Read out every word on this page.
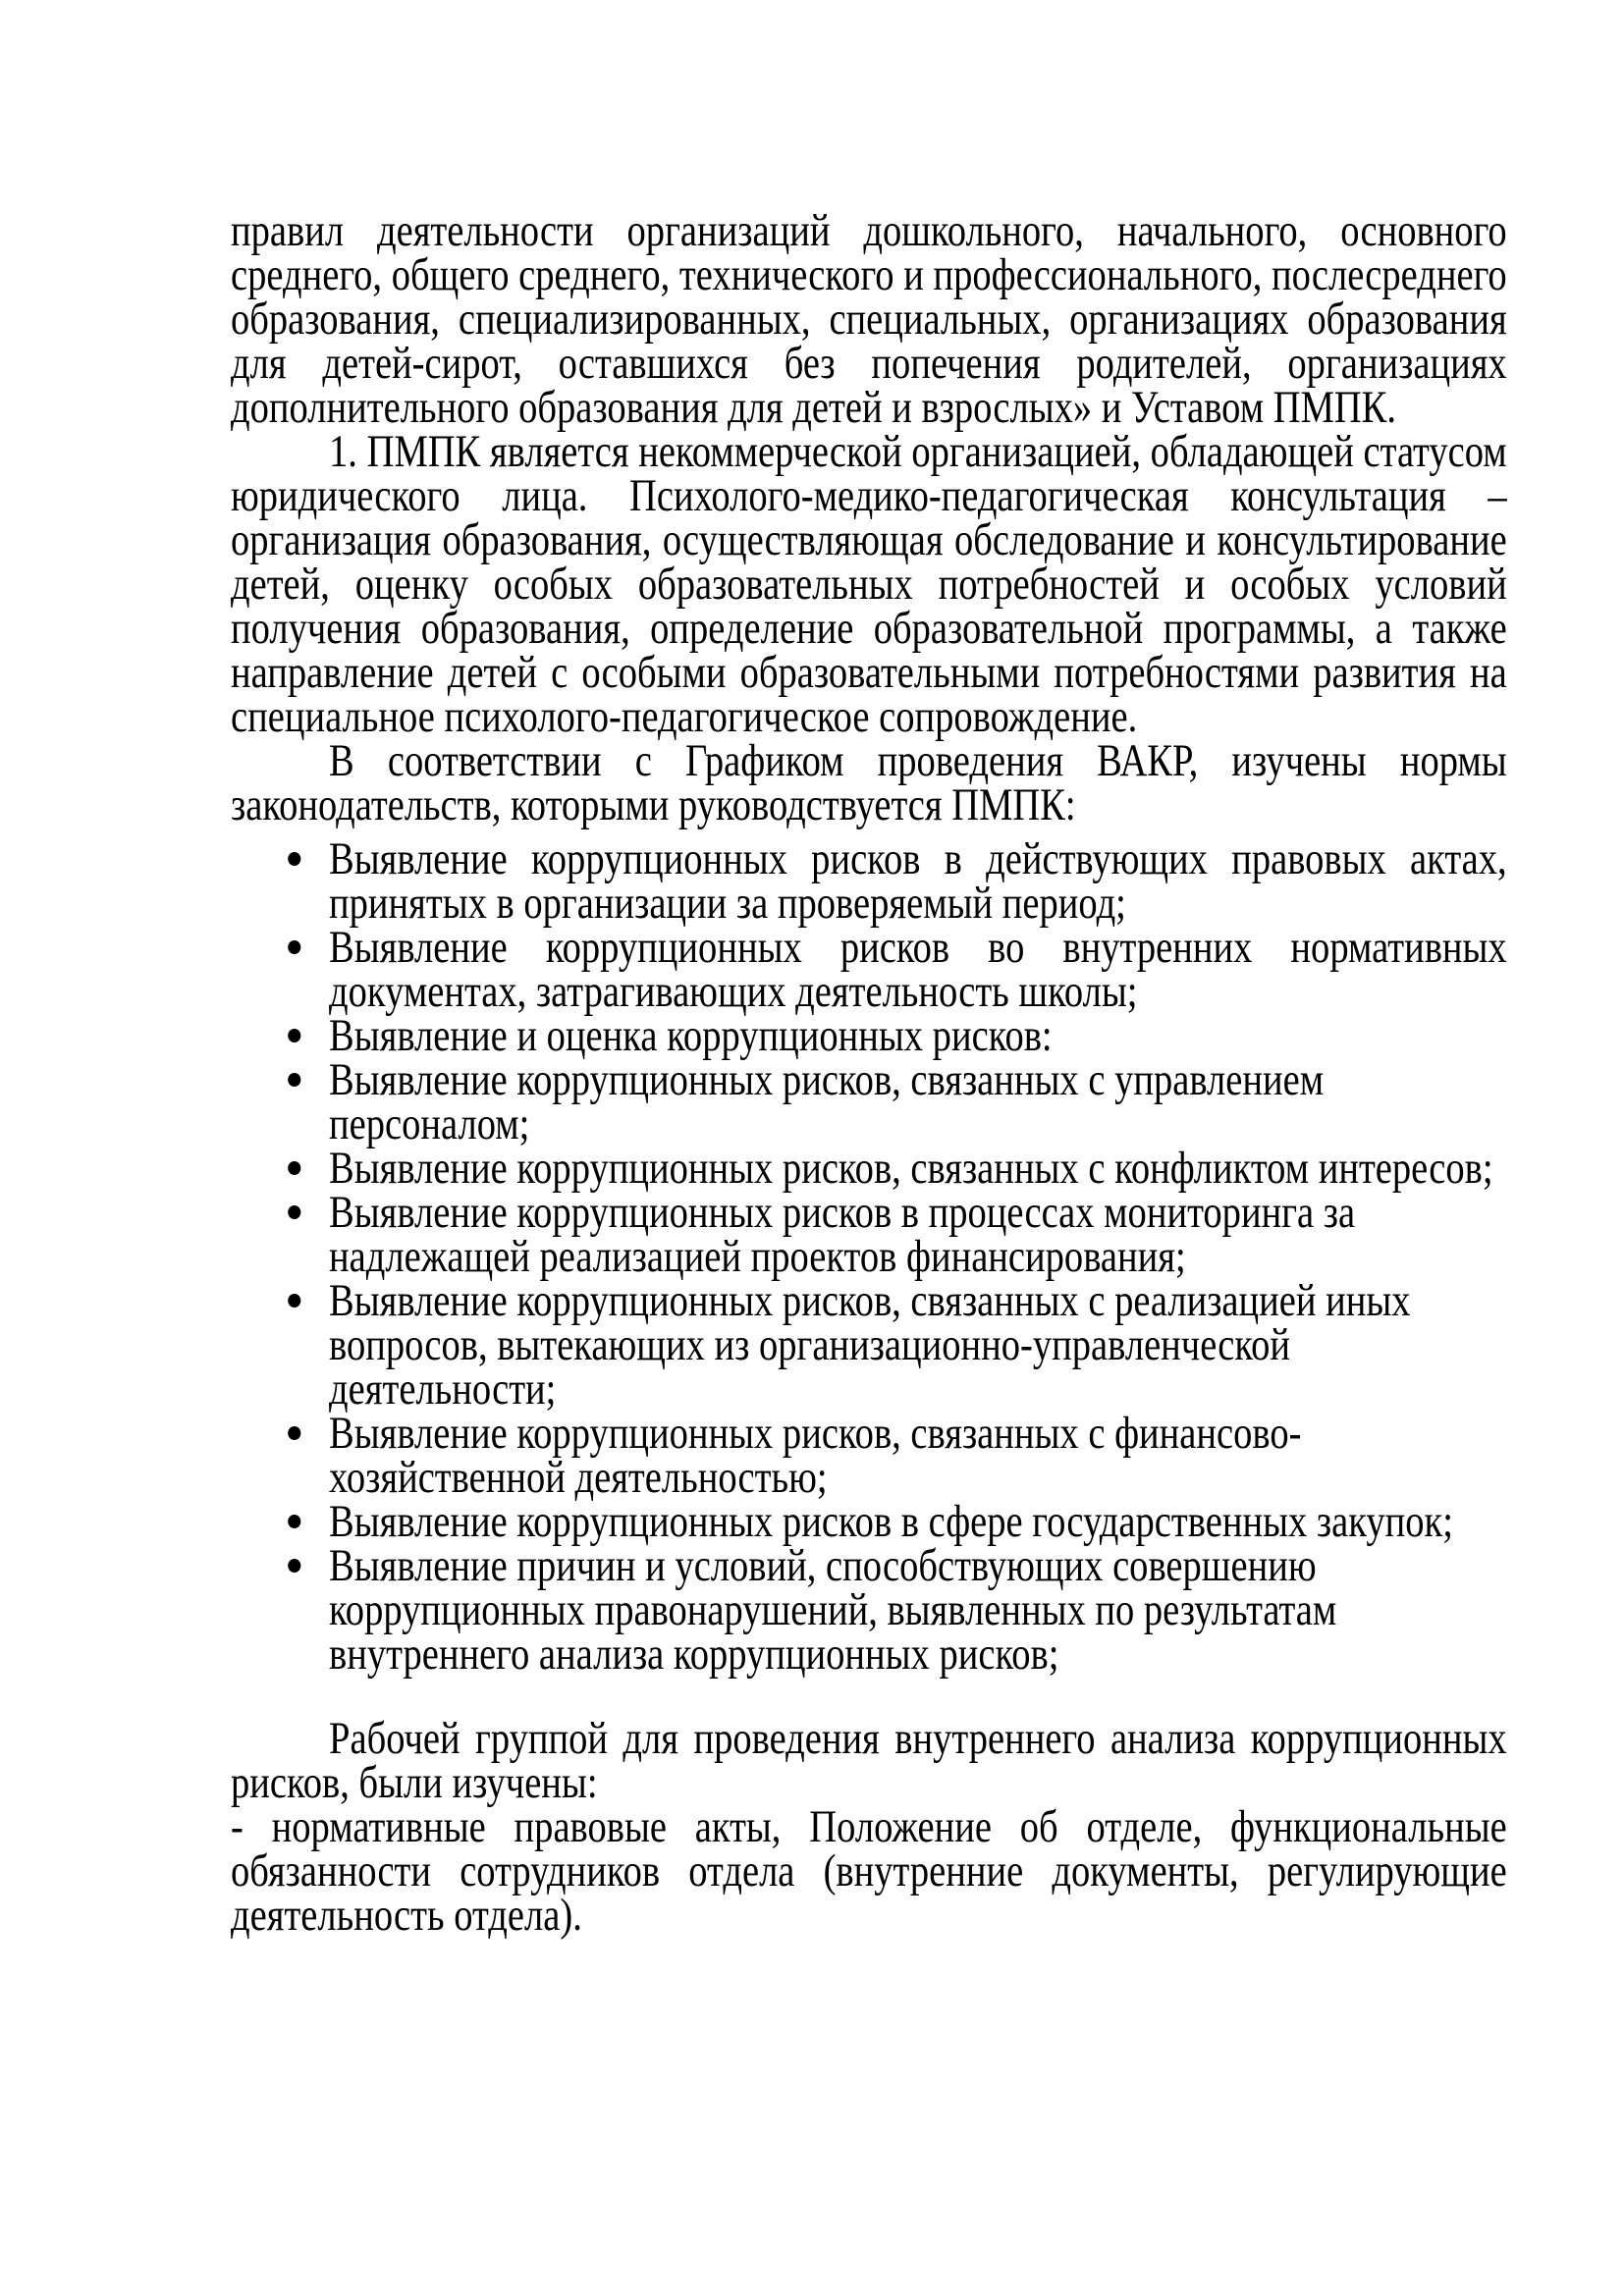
правил деятельности организаций дошкольного, начального, основного среднего, общего среднего, технического и профессионального, послесреднего образования, специализированных, специальных, организациях образования для детей-сирот, оставшихся без попечения родителей, организациях дополнительного образования для детей и взрослых» и Уставом ПМПК.

1. ПМПК является некоммерческой организацией, обладающей статусом юридического лица. Психолого-медико-педагогическая консультация – организация образования, осуществляющая обследование и консультирование детей, оценку особых образовательных потребностей и особых условий получения образования, определение образовательной программы, а также направление детей с особыми образовательными потребностями развития на специальное психолого-педагогическое сопровождение.

В соответствии с Графиком проведения ВАКР, изучены нормы законодательств, которыми руководствуется ПМПК:

Выявление коррупционных рисков в действующих правовых актах, принятых в организации за проверяемый период;
Выявление коррупционных рисков во внутренних нормативных документах, затрагивающих деятельность школы;
Выявление и оценка коррупционных рисков:
Выявление коррупционных рисков, связанных с управлением персоналом;
Выявление коррупционных рисков, связанных с конфликтом интересов;
Выявление коррупционных рисков в процессах мониторинга за надлежащей реализацией проектов финансирования;
Выявление коррупционных рисков, связанных с реализацией иных вопросов, вытекающих из организационно-управленческой деятельности;
Выявление коррупционных рисков, связанных с финансово-хозяйственной деятельностью;
Выявление коррупционных рисков в сфере государственных закупок;
Выявление причин и условий, способствующих совершению коррупционных правонарушений, выявленных по результатам внутреннего анализа коррупционных рисков;

Рабочей группой для проведения внутреннего анализа коррупционных рисков, были изучены:

- нормативные правовые акты, Положение об отделе, функциональные обязанности сотрудников отдела (внутренние документы, регулирующие деятельность отдела).
